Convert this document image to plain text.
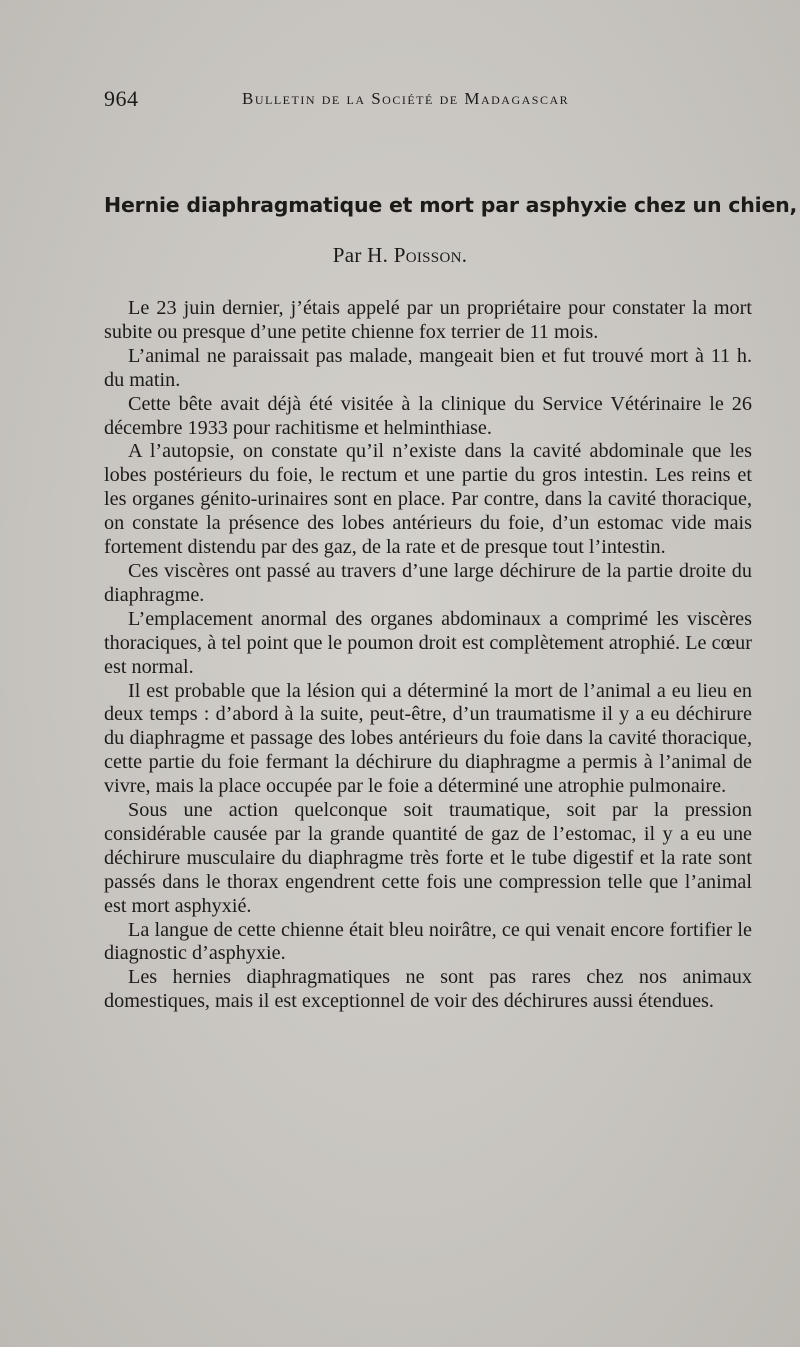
964	Bulletin de la Société de Madagascar
Hernie diaphragmatique et mort par asphyxie chez un chien,
Par H. Poisson.

Le 23 juin dernier, j’étais appelé par un propriétaire pour constater la mort subite ou presque d’une petite chienne fox terrier de 11 mois.

L’animal ne paraissait pas malade, mangeait bien et fut trouvé mort à 11 h. du matin.

Cette bête avait déjà été visitée à la clinique du Service Vétérinaire le 26 décembre 1933 pour rachitisme et helminthiase.

A l’autopsie, on constate qu’il n’existe dans la cavité abdominale que les lobes postérieurs du foie, le rectum et une partie du gros intestin. Les reins et les organes génito-urinaires sont en place. Par contre, dans la cavité thoracique, on constate la présence des lobes antérieurs du foie, d’un estomac vide mais fortement distendu par des gaz, de la rate et de presque tout l’intestin.

Ces viscères ont passé au travers d’une large déchirure de la partie droite du diaphragme.

L’emplacement anormal des organes abdominaux a comprimé les viscères thoraciques, à tel point que le poumon droit est complètement atrophié. Le cœur est normal.

Il est probable que la lésion qui a déterminé la mort de l’animal a eu lieu en deux temps : d’abord à la suite, peut-être, d’un traumatisme il y a eu déchirure du diaphragme et passage des lobes antérieurs du foie dans la cavité thoracique, cette partie du foie fermant la déchirure du diaphragme a permis à l’animal de vivre, mais la place occupée par le foie a déterminé une atrophie pulmonaire.

Sous une action quelconque soit traumatique, soit par la pression considérable causée par la grande quantité de gaz de l’estomac, il y a eu une déchirure musculaire du diaphragme très forte et le tube digestif et la rate sont passés dans le thorax engendrent cette fois une compression telle que l’animal est mort asphyxié.

La langue de cette chienne était bleu noirâtre, ce qui venait encore fortifier le diagnostic d’asphyxie.

Les hernies diaphragmatiques ne sont pas rares chez nos animaux domestiques, mais il est exceptionnel de voir des déchirures aussi étendues.
